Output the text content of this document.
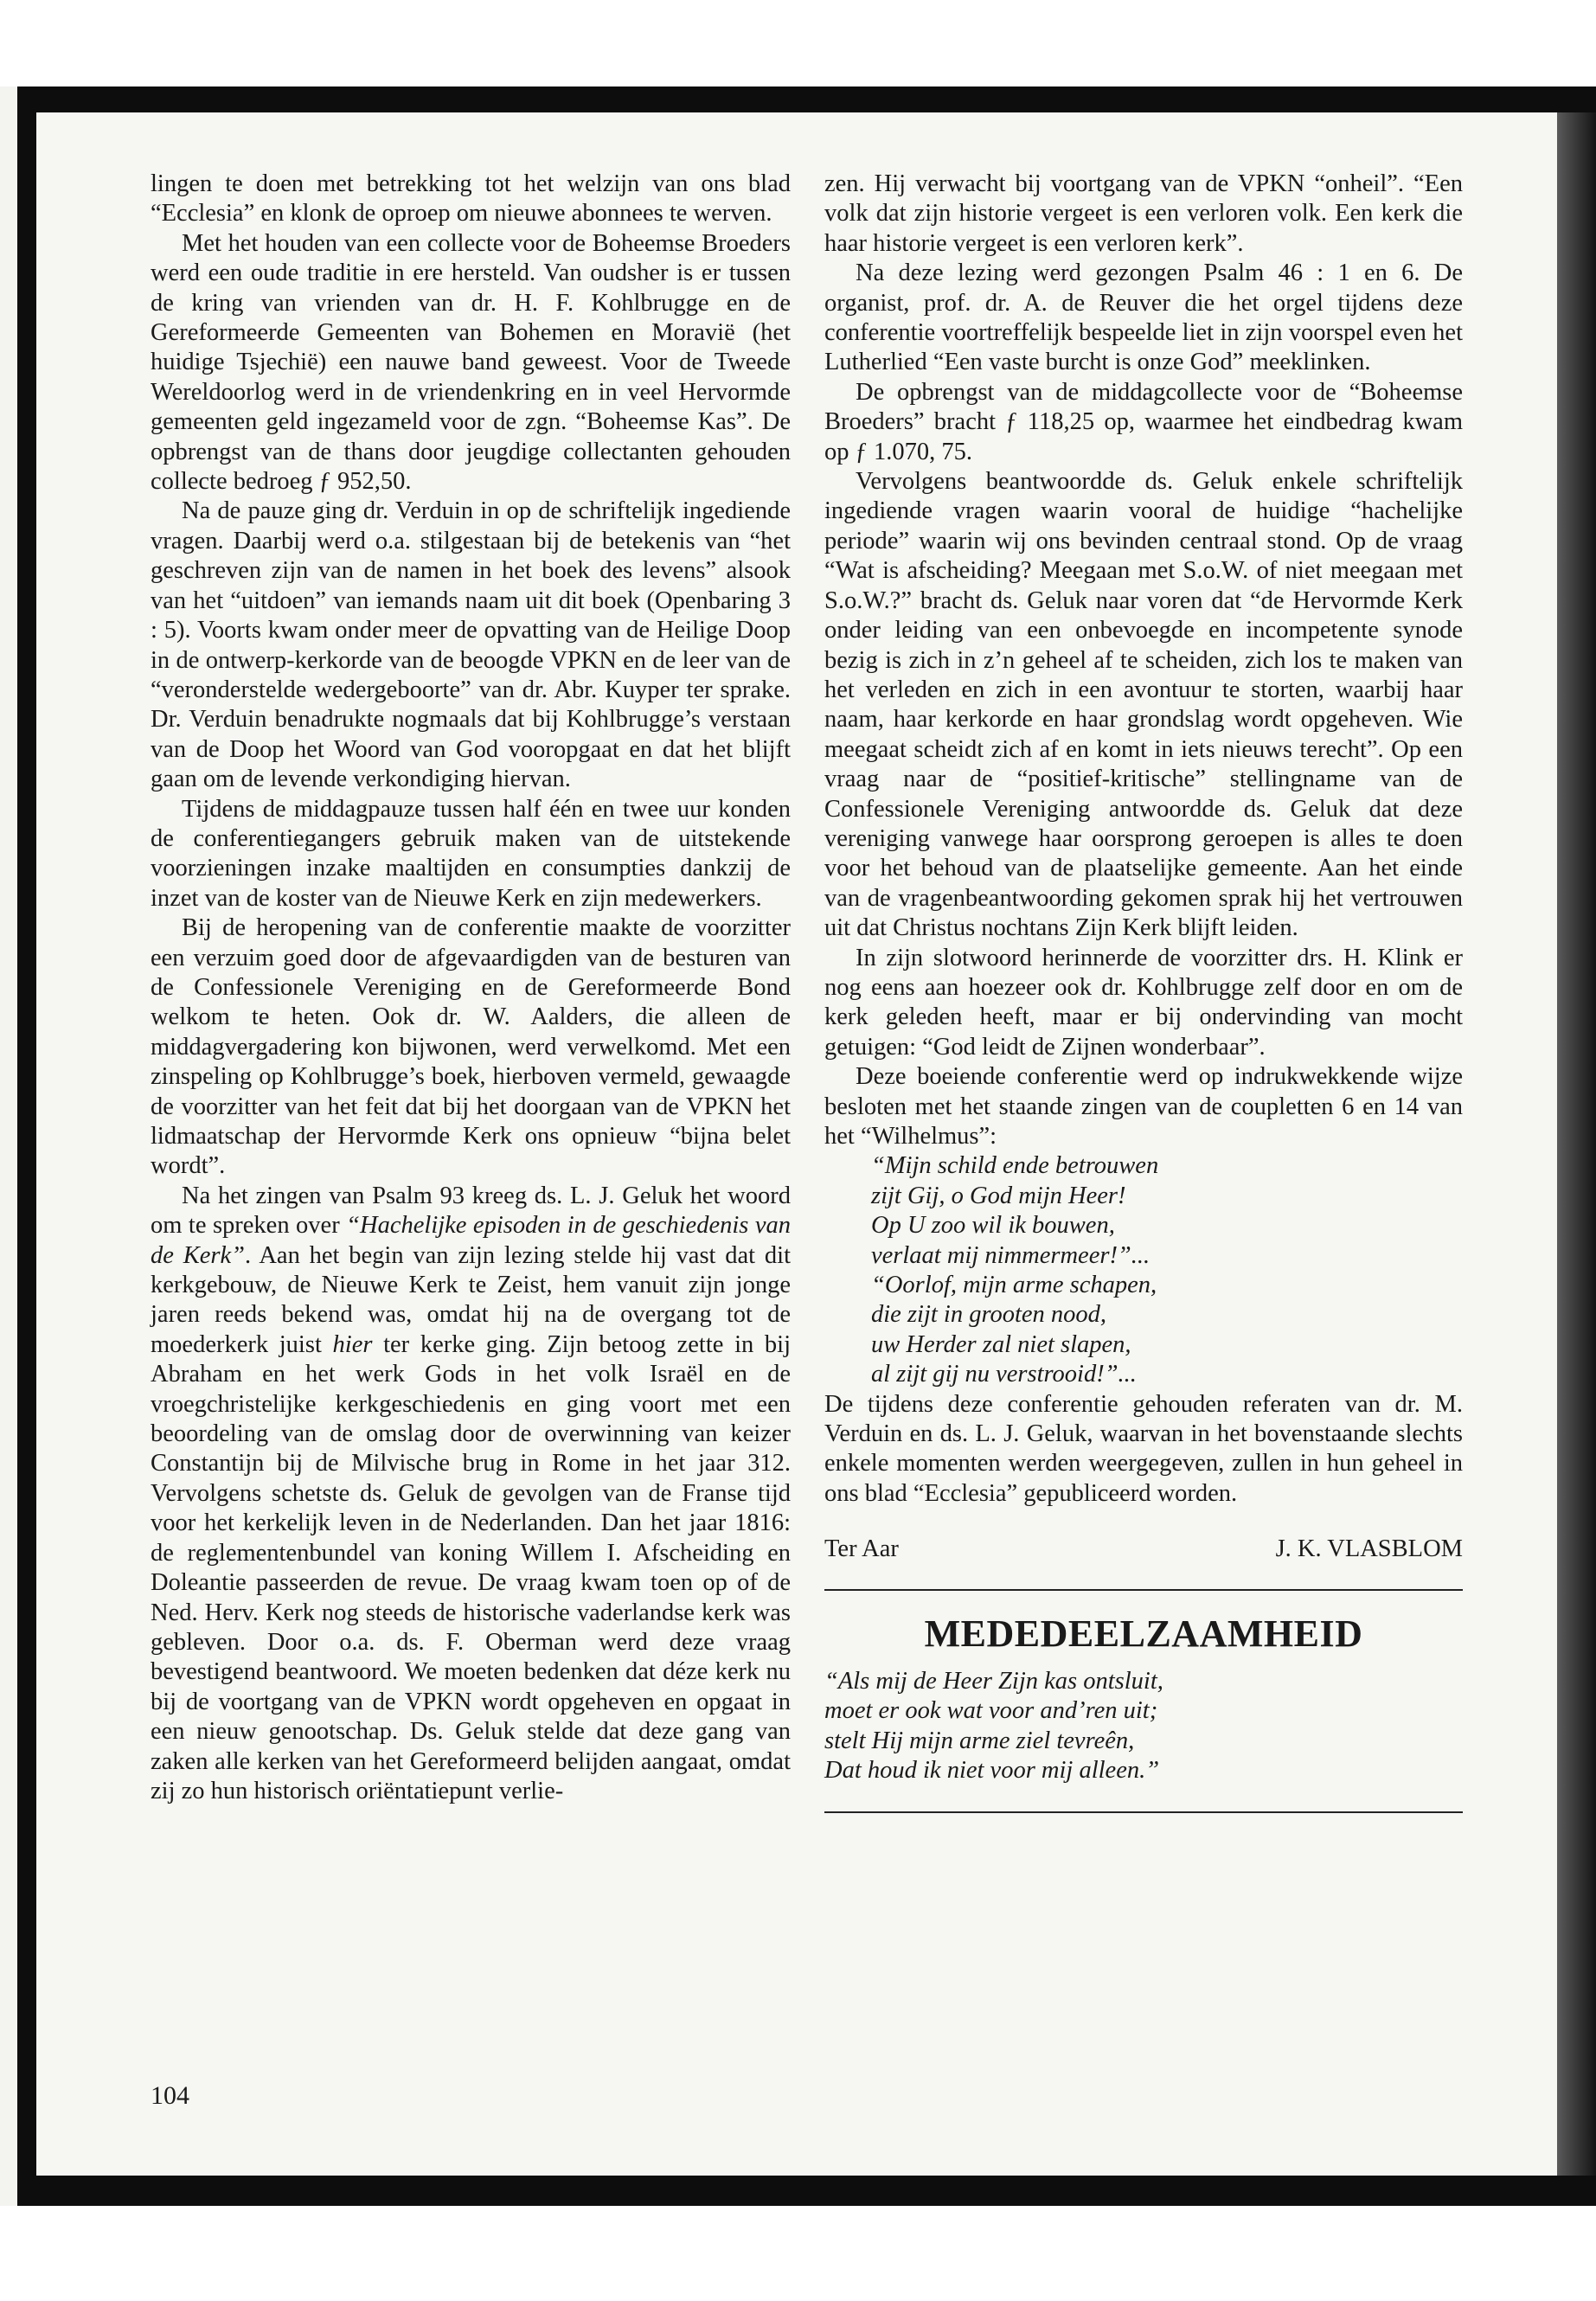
lingen te doen met betrekking tot het welzijn van ons blad “Ecclesia” en klonk de oproep om nieuwe abonnees te werven.

Met het houden van een collecte voor de Boheemse Broeders werd een oude traditie in ere hersteld. Van oudsher is er tussen de kring van vrienden van dr. H. F. Kohlbrugge en de Gereformeerde Gemeenten van Bohemen en Moravië (het huidige Tsjechië) een nauwe band geweest. Voor de Tweede Wereldoorlog werd in de vriendenkring en in veel Hervormde gemeenten geld ingezameld voor de zgn. “Boheemse Kas”. De opbrengst van de thans door jeugdige collectanten gehouden collecte bedroeg ƒ 952,50.

Na de pauze ging dr. Verduin in op de schriftelijk ingediende vragen. Daarbij werd o.a. stilgestaan bij de betekenis van “het geschreven zijn van de namen in het boek des levens” alsook van het “uitdoen” van iemands naam uit dit boek (Openbaring 3 : 5). Voorts kwam onder meer de opvatting van de Heilige Doop in de ontwerp-kerkorde van de beoogde VPKN en de leer van de “veronderstelde wedergeboorte” van dr. Abr. Kuyper ter sprake. Dr. Verduin benadrukte nogmaals dat bij Kohlbrugge’s verstaan van de Doop het Woord van God vooropgaat en dat het blijft gaan om de levende verkondiging hiervan.

Tijdens de middagpauze tussen half één en twee uur konden de conferentiegangers gebruik maken van de uitstekende voorzieningen inzake maaltijden en consumpties dankzij de inzet van de koster van de Nieuwe Kerk en zijn medewerkers.

Bij de heropening van de conferentie maakte de voorzitter een verzuim goed door de afgevaardigden van de besturen van de Confessionele Vereniging en de Gereformeerde Bond welkom te heten. Ook dr. W. Aalders, die alleen de middagvergadering kon bijwonen, werd verwelkomd. Met een zinspeling op Kohlbrugge’s boek, hierboven vermeld, gewaagde de voorzitter van het feit dat bij het doorgaan van de VPKN het lidmaatschap der Hervormde Kerk ons opnieuw “bijna belet wordt”.

Na het zingen van Psalm 93 kreeg ds. L. J. Geluk het woord om te spreken over “Hachelijke episoden in de geschiedenis van de Kerk”. Aan het begin van zijn lezing stelde hij vast dat dit kerkgebouw, de Nieuwe Kerk te Zeist, hem vanuit zijn jonge jaren reeds bekend was, omdat hij na de overgang tot de moederkerk juist hier ter kerke ging. Zijn betoog zette in bij Abraham en het werk Gods in het volk Israël en de vroegchristelijke kerkgeschiedenis en ging voort met een beoordeling van de omslag door de overwinning van keizer Constantijn bij de Milvische brug in Rome in het jaar 312. Vervolgens schetste ds. Geluk de gevolgen van de Franse tijd voor het kerkelijk leven in de Nederlanden. Dan het jaar 1816: de reglementenbundel van koning Willem I. Afscheiding en Doleantie passeerden de revue. De vraag kwam toen op of de Ned. Herv. Kerk nog steeds de historische vaderlandse kerk was gebleven. Door o.a. ds. F. Oberman werd deze vraag bevestigend beantwoord. We moeten bedenken dat déze kerk nu bij de voortgang van de VPKN wordt opgeheven en opgaat in een nieuw genootschap. Ds. Geluk stelde dat deze gang van zaken alle kerken van het Gereformeerd belijden aangaat, omdat zij zo hun historisch oriëntatiepunt verlie-

zen. Hij verwacht bij voortgang van de VPKN “onheil”. “Een volk dat zijn historie vergeet is een verloren volk. Een kerk die haar historie vergeet is een verloren kerk”.

Na deze lezing werd gezongen Psalm 46 : 1 en 6. De organist, prof. dr. A. de Reuver die het orgel tijdens deze conferentie voortreffelijk bespeelde liet in zijn voorspel even het Lutherlied “Een vaste burcht is onze God” meeklinken.

De opbrengst van de middagcollecte voor de “Boheemse Broeders” bracht ƒ 118,25 op, waarmee het eindbedrag kwam op ƒ 1.070, 75.

Vervolgens beantwoordde ds. Geluk enkele schriftelijk ingediende vragen waarin vooral de huidige “hachelijke periode” waarin wij ons bevinden centraal stond. Op de vraag “Wat is afscheiding? Meegaan met S.o.W. of niet meegaan met S.o.W.?” bracht ds. Geluk naar voren dat “de Hervormde Kerk onder leiding van een onbevoegde en incompetente synode bezig is zich in z’n geheel af te scheiden, zich los te maken van het verleden en zich in een avontuur te storten, waarbij haar naam, haar kerkorde en haar grondslag wordt opgeheven. Wie meegaat scheidt zich af en komt in iets nieuws terecht”. Op een vraag naar de “positief-kritische” stellingname van de Confessionele Vereniging antwoordde ds. Geluk dat deze vereniging vanwege haar oorsprong geroepen is alles te doen voor het behoud van de plaatselijke gemeente. Aan het einde van de vragenbeantwoording gekomen sprak hij het vertrouwen uit dat Christus nochtans Zijn Kerk blijft leiden.

In zijn slotwoord herinnerde de voorzitter drs. H. Klink er nog eens aan hoezeer ook dr. Kohlbrugge zelf door en om de kerk geleden heeft, maar er bij ondervinding van mocht getuigen: “God leidt de Zijnen wonderbaar”.

Deze boeiende conferentie werd op indrukwekkende wijze besloten met het staande zingen van de coupletten 6 en 14 van het “Wilhelmus”:

“Mijn schild ende betrouwen
zijt Gij, o God mijn Heer!
Op U zoo wil ik bouwen,
verlaat mij nimmermeer!”...
“Oorlof, mijn arme schapen,
die zijt in grooten nood,
uw Herder zal niet slapen,
al zijt gij nu verstrooid!”...

De tijdens deze conferentie gehouden referaten van dr. M. Verduin en ds. L. J. Geluk, waarvan in het bovenstaande slechts enkele momenten werden weergegeven, zullen in hun geheel in ons blad “Ecclesia” gepubliceerd worden.

Ter Aar	J. K. VLASBLOM
MEDEDEELZAAMHEID
“Als mij de Heer Zijn kas ontsluit,
moet er ook wat voor and’ren uit;
stelt Hij mijn arme ziel tevreên,
Dat houd ik niet voor mij alleen.”
104
